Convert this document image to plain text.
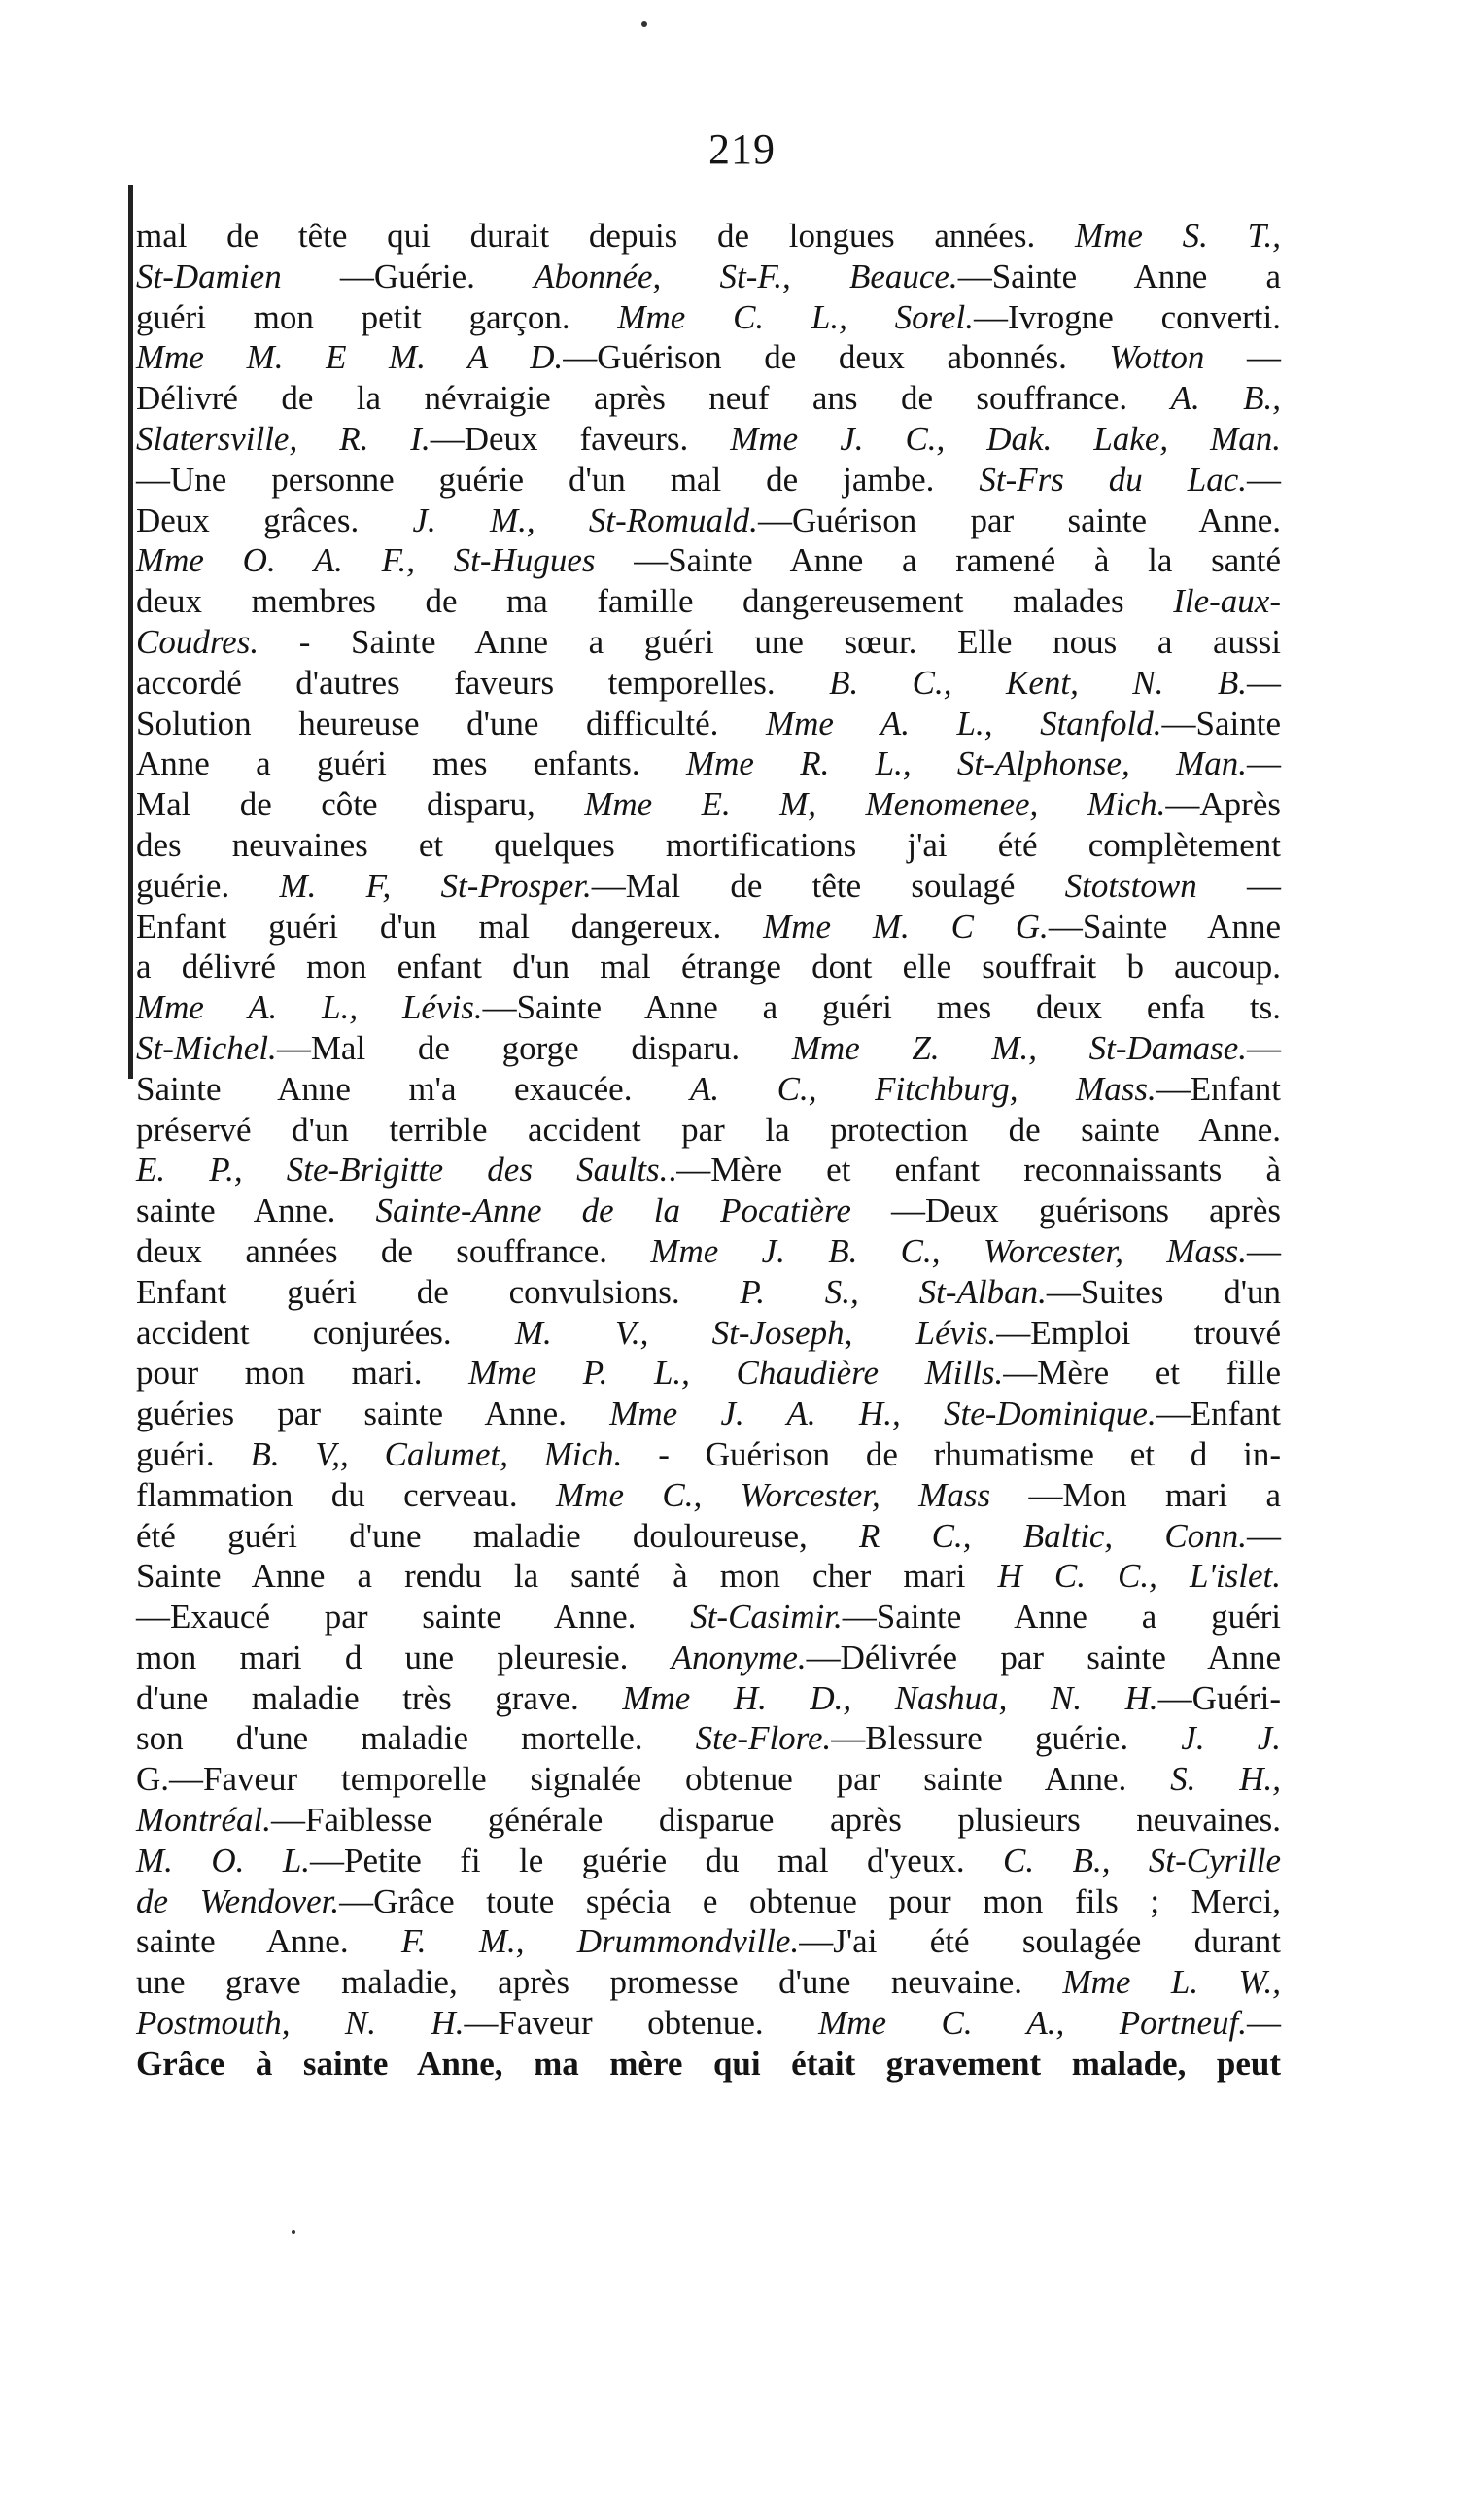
219
mal de tête qui durait depuis de longues années. Mme S. T.,
St-Damien —Guérie. Abonnée, St-F., Beauce.—Sainte Anne a
guéri mon petit garçon. Mme C. L., Sorel.—Ivrogne converti.
Mme M. E M. A D.—Guérison de deux abonnés. Wotton —
Délivré de la névraigie après neuf ans de souffrance. A. B.,
Slatersville, R. I.—Deux faveurs. Mme J. C., Dak. Lake, Man.
—Une personne guérie d'un mal de jambe. St-Frs du Lac.—
Deux grâces. J. M., St-Romuald.—Guérison par sainte Anne.
Mme O. A. F., St-Hugues —Sainte Anne a ramené à la santé
deux membres de ma famille dangereusement malades Ile-aux-
Coudres. - Sainte Anne a guéri une sœur. Elle nous a aussi
accordé d'autres faveurs temporelles. B. C., Kent, N. B.—
Solution heureuse d'une difficulté. Mme A. L., Stanfold.—Sainte
Anne a guéri mes enfants. Mme R. L., St-Alphonse, Man.—
Mal de côte disparu, Mme E. M, Menomenee, Mich.—Après
des neuvaines et quelques mortifications j'ai été complètement
guérie. M. F, St-Prosper.—Mal de tête soulagé Stotstown —
Enfant guéri d'un mal dangereux. Mme M. C G.—Sainte Anne
a délivré mon enfant d'un mal étrange dont elle souffrait b aucoup.
Mme A. L., Lévis.—Sainte Anne a guéri mes deux enfa ts.
St-Michel.—Mal de gorge disparu. Mme Z. M., St-Damase.—
Sainte Anne m'a exaucée. A. C., Fitchburg, Mass.—Enfant
préservé d'un terrible accident par la protection de sainte Anne.
E. P., Ste-Brigitte des Saults..—Mère et enfant reconnaissants à
sainte Anne. Sainte-Anne de la Pocatière —Deux guérisons après
deux années de souffrance. Mme J. B. C., Worcester, Mass.—
Enfant guéri de convulsions. P. S., St-Alban.—Suites d'un
accident conjurées. M. V., St-Joseph, Lévis.—Emploi trouvé
pour mon mari. Mme P. L., Chaudière Mills.—Mère et fille
guéries par sainte Anne. Mme J. A. H., Ste-Dominique.—Enfant
guéri. B. V,, Calumet, Mich. - Guérison de rhumatisme et d in-
flammation du cerveau. Mme C., Worcester, Mass —Mon mari a
été guéri d'une maladie douloureuse, R C., Baltic, Conn.—
Sainte Anne a rendu la santé à mon cher mari H C. C., L'islet.
—Exaucé par sainte Anne. St-Casimir.—Sainte Anne a guéri
mon mari d une pleuresie. Anonyme.—Délivrée par sainte Anne
d'une maladie très grave. Mme H. D., Nashua, N. H.—Guéri-
son d'une maladie mortelle. Ste-Flore.—Blessure guérie. J. J.
G.—Faveur temporelle signalée obtenue par sainte Anne. S. H.,
Montréal.—Faiblesse générale disparue après plusieurs neuvaines.
M. O. L.—Petite fi le guérie du mal d'yeux. C. B., St-Cyrille
de Wendover.—Grâce toute spécia e obtenue pour mon fils ; Merci,
sainte Anne. F. M., Drummondville.—J'ai été soulagée durant
une grave maladie, après promesse d'une neuvaine. Mme L. W.,
Postmouth, N. H.—Faveur obtenue. Mme C. A., Portneuf.—
Grâce à sainte Anne, ma mère qui était gravement malade, peut
